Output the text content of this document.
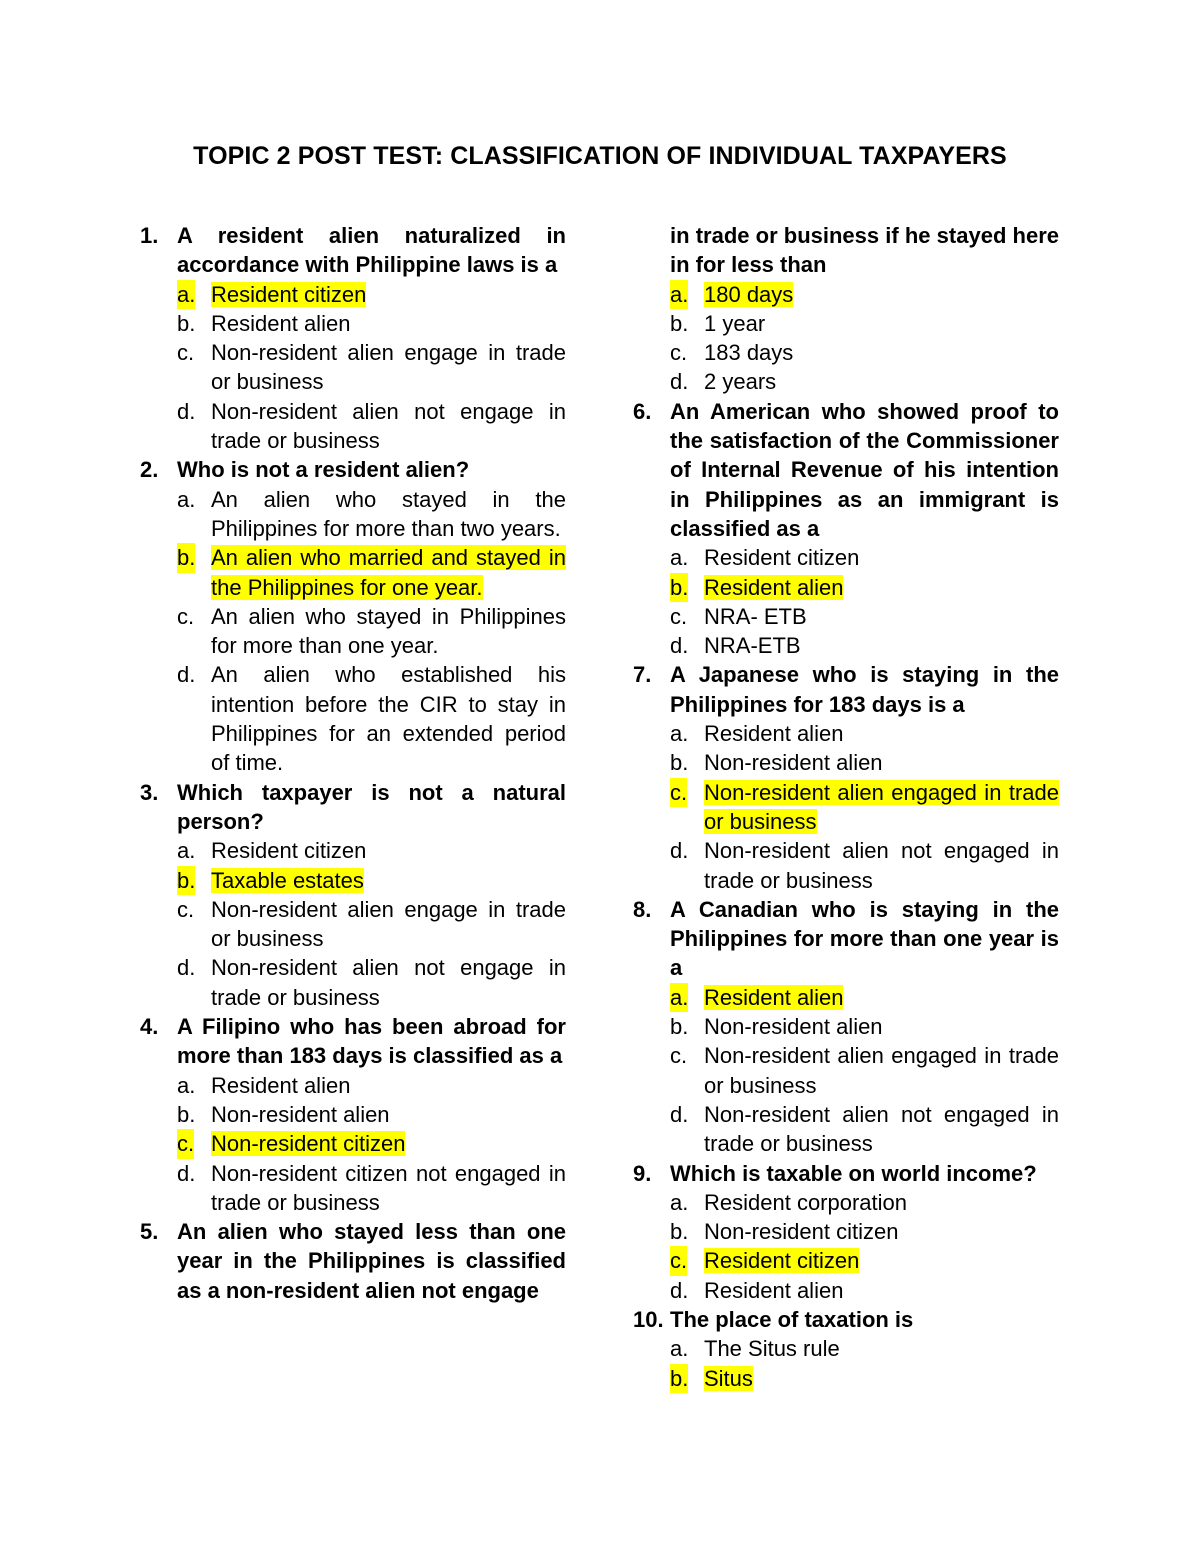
TOPIC 2 POST TEST: CLASSIFICATION OF INDIVIDUAL TAXPAYERS
1. A resident alien naturalized in accordance with Philippine laws is a
a. Resident citizen
b. Resident alien
c. Non-resident alien engage in trade or business
d. Non-resident alien not engage in trade or business
2. Who is not a resident alien?
a. An alien who stayed in the Philippines for more than two years.
b. An alien who married and stayed in the Philippines for one year.
c. An alien who stayed in Philippines for more than one year.
d. An alien who established his intention before the CIR to stay in Philippines for an extended period of time.
3. Which taxpayer is not a natural person?
a. Resident citizen
b. Taxable estates
c. Non-resident alien engage in trade or business
d. Non-resident alien not engage in trade or business
4. A Filipino who has been abroad for more than 183 days is classified as a
a. Resident alien
b. Non-resident alien
c. Non-resident citizen
d. Non-resident citizen not engaged in trade or business
5. An alien who stayed less than one year in the Philippines is classified as a non-resident alien not engage
in trade or business if he stayed here in for less than
a. 180 days
b. 1 year
c. 183 days
d. 2 years
6. An American who showed proof to the satisfaction of the Commissioner of Internal Revenue of his intention in Philippines as an immigrant is classified as a
a. Resident citizen
b. Resident alien
c. NRA- ETB
d. NRA-ETB
7. A Japanese who is staying in the Philippines for 183 days is a
a. Resident alien
b. Non-resident alien
c. Non-resident alien engaged in trade or business
d. Non-resident alien not engaged in trade or business
8. A Canadian who is staying in the Philippines for more than one year is a
a. Resident alien
b. Non-resident alien
c. Non-resident alien engaged in trade or business
d. Non-resident alien not engaged in trade or business
9. Which is taxable on world income?
a. Resident corporation
b. Non-resident citizen
c. Resident citizen
d. Resident alien
10. The place of taxation is
a. The Situs rule
b. Situs
